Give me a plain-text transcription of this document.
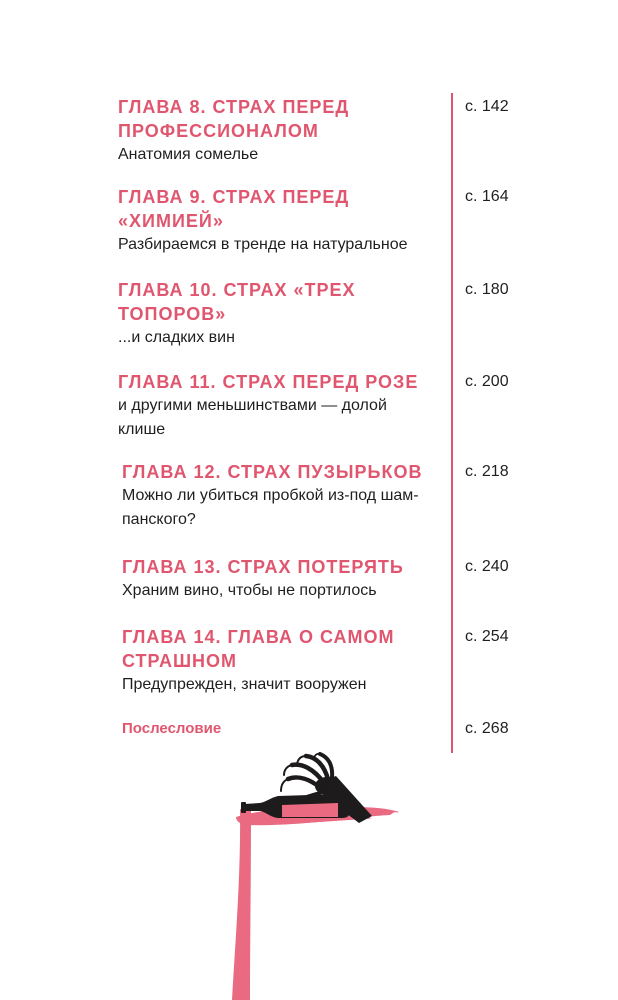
ГЛАВА 8. СТРАХ ПЕРЕД
ПРОФЕССИОНАЛОМ
Анатомия сомелье
с. 142
ГЛАВА 9. СТРАХ ПЕРЕД
«ХИМИЕЙ»
Разбираемся в тренде на натуральное
с. 164
ГЛАВА 10. СТРАХ «ТРЕХ
ТОПОРОВ»
...и сладких вин
с. 180
ГЛАВА 11. СТРАХ ПЕРЕД РОЗЕ
и другими меньшинствами — долой
клише
с. 200
ГЛАВА 12. СТРАХ ПУЗЫРЬКОВ
Можно ли убиться пробкой из-под шам-
панского?
с. 218
ГЛАВА 13. СТРАХ ПОТЕРЯТЬ
Храним вино, чтобы не портилось
с. 240
ГЛАВА 14. ГЛАВА О САМОМ
СТРАШНОМ
Предупрежден, значит вооружен
с. 254
Послесловие	с. 268
